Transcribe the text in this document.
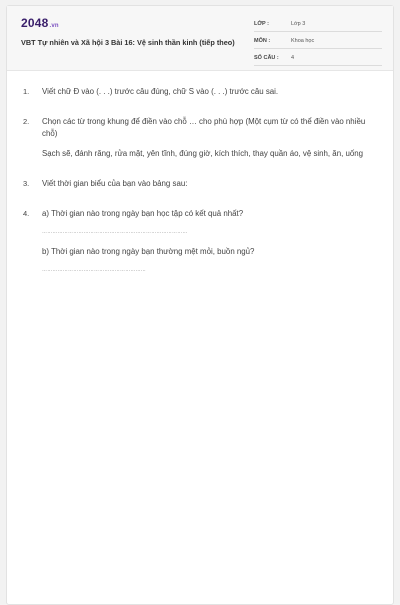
2048.vn
VBT Tự nhiên và Xã hội 3 Bài 16: Vệ sinh thần kinh (tiếp theo)
LỚP :	Lớp 3
MÔN :	Khoa học
SỐ CÂU : 4
1. Viết chữ Đ vào (. . .) trước câu đúng, chữ S vào (. . .) trước câu sai.

2. Chọn các từ trong khung để điền vào chỗ … cho phù hợp (Một cụm từ có thể điền vào nhiều chỗ)

Sạch sẽ, đánh răng, rửa mặt, yên tĩnh, đúng giờ, kích thích, thay quần áo, vệ sinh, ăn, uống

3. Viết thời gian biểu của bạn vào bảng sau:

4. a) Thời gian nào trong ngày bạn học tập có kết quả nhất?

…………………………………………………………………………

b) Thời gian nào trong ngày bạn thường mệt mỏi, buồn ngủ?

……………………………………………………
